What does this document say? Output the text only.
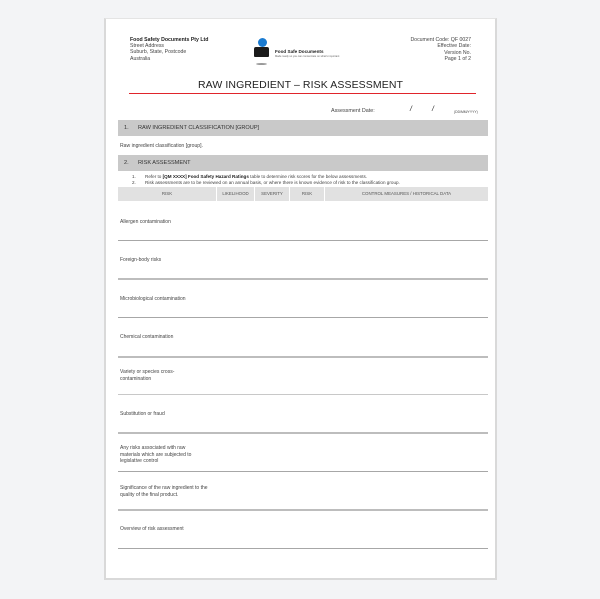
Food Safety Documents Pty Ltd
Street Address
Suburb, State, Postcode
Australia
Food Safe Documents
Made ready so you can concentrate on what's important
Document Code: QF 0027
Effective Date:
Version No.
Page 1 of 2
RAW INGREDIENT – RISK ASSESSMENT
Assessment Date:	/	/	(DD/MM/YYYY)
1. RAW INGREDIENT CLASSIFICATION [GROUP]
Raw ingredient classification [group].
2. RISK ASSESSMENT
1. Refer to [QM XXXX] Food Safety Hazard Ratings table to determine risk scores for the below assessments.
2. Risk assessments are to be reviewed on an annual basis, or where there is known evidence of risk to the classification group.
RISK	LIKELIHOOD	SEVERITY	RISK	CONTROL MEASURES / HISTORICAL DATA
Allergen contamination
Foreign-body risks
Microbiological contamination
Chemical contamination
Variety or species cross-contamination
Substitution or fraud
Any risks associated with raw materials which are subjected to legislative control
Significance of the raw ingredient to the quality of the final product.
Overview of risk assessment
